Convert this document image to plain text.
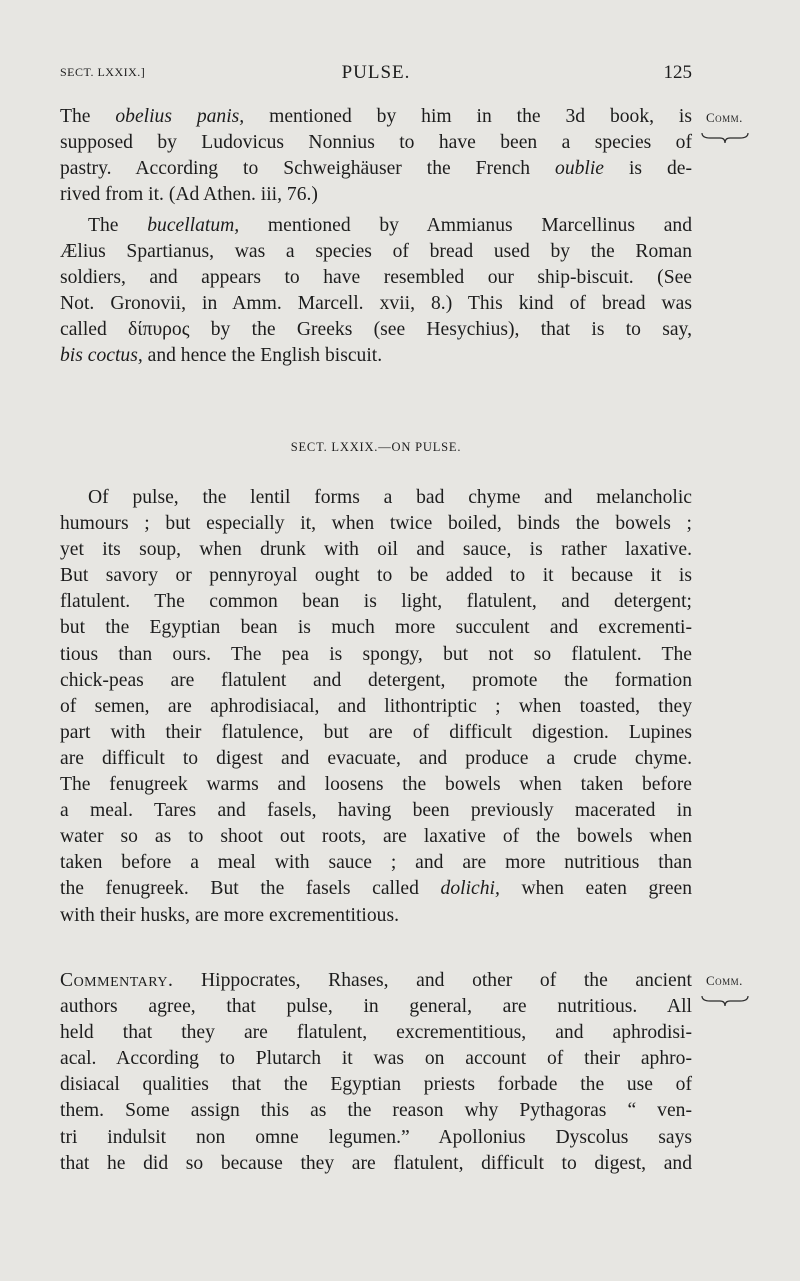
SECT. LXXIX.]	PULSE.	125
Comm.
The obelius panis, mentioned by him in the 3d book, is
supposed by Ludovicus Nonnius to have been a species of
pastry. According to Schweighäuser the French oublie is de-
rived from it. (Ad Athen. iii, 76.)
The bucellatum, mentioned by Ammianus Marcellinus and
Ælius Spartianus, was a species of bread used by the Roman
soldiers, and appears to have resembled our ship-biscuit. (See
Not. Gronovii, in Amm. Marcell. xvii, 8.) This kind of bread was
called δίπυρος by the Greeks (see Hesychius), that is to say,
bis coctus, and hence the English biscuit.
SECT. LXXIX.—ON PULSE.
Of pulse, the lentil forms a bad chyme and melancholic
humours ; but especially it, when twice boiled, binds the bowels ;
yet its soup, when drunk with oil and sauce, is rather laxative.
But savory or pennyroyal ought to be added to it because it is
flatulent. The common bean is light, flatulent, and detergent;
but the Egyptian bean is much more succulent and excrementi-
tious than ours. The pea is spongy, but not so flatulent. The
chick-peas are flatulent and detergent, promote the formation
of semen, are aphrodisiacal, and lithontriptic ; when toasted, they
part with their flatulence, but are of difficult digestion. Lupines
are difficult to digest and evacuate, and produce a crude chyme.
The fenugreek warms and loosens the bowels when taken before
a meal. Tares and fasels, having been previously macerated in
water so as to shoot out roots, are laxative of the bowels when
taken before a meal with sauce ; and are more nutritious than
the fenugreek. But the fasels called dolichi, when eaten green
with their husks, are more excrementitious.
Comm.
Commentary. Hippocrates, Rhases, and other of the ancient
authors agree, that pulse, in general, are nutritious. All
held that they are flatulent, excrementitious, and aphrodisi-
acal. According to Plutarch it was on account of their aphro-
disiacal qualities that the Egyptian priests forbade the use of
them. Some assign this as the reason why Pythagoras “ ven-
tri indulsit non omne legumen.” Apollonius Dyscolus says
that he did so because they are flatulent, difficult to digest, and
